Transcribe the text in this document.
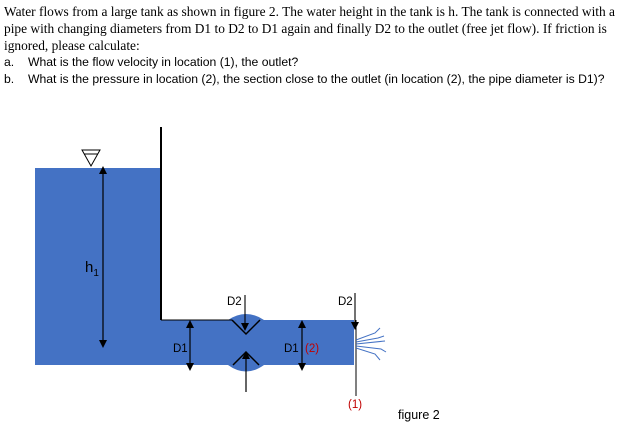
Water flows from a large tank as shown in figure 2. The water height in the tank is h. The tank is connected with a pipe with changing diameters from D1 to D2 to D1 again and finally D2 to the outlet (free jet flow). If friction is ignored, please calculate:

a. What is the flow velocity in location (1), the outlet?
b. What is the pressure in location (2), the section close to the outlet (in location (2), the pipe diameter is D1)?
h1
D2	D2
D1	D1 (2)
(1)
figure 2
